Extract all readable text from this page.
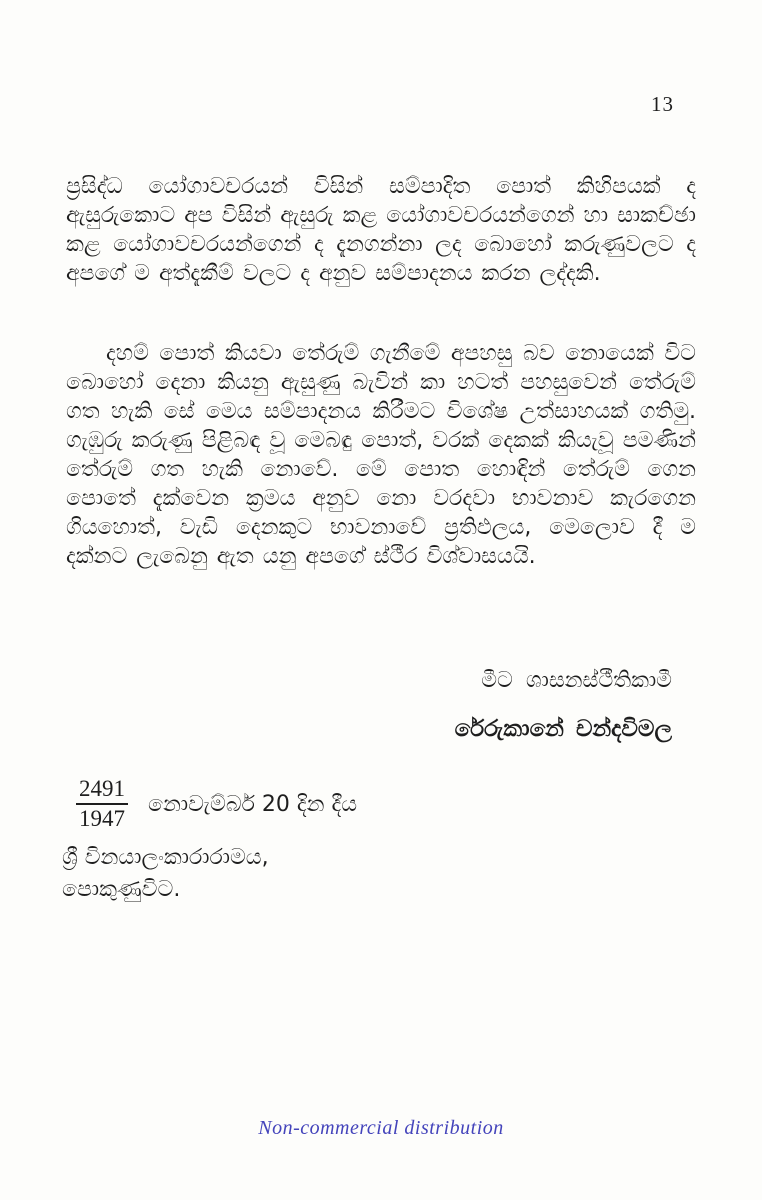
13

ප්‍රසිද්ධ යෝගාවචරයන් විසින් සම්පාදිත පොත් කිහිපයක් ද ඇසුරුකොට අප විසින් ඇසුරු කළ යෝගාවචරයන්ගෙන් හා සාකච්ඡා කළ යෝගාවචරයන්ගෙන් ද දැනගන්නා ලද බොහෝ කරුණුවලට ද අපගේ ම අත්දැකීම් වලට ද අනුව සම්පාදනය කරන ලද්දකි.

දහම් පොත් කියවා තේරුම් ගැනීමේ අපහසු බව නොයෙක් විට බොහෝ දෙනා කියනු ඇසුණු බැවින් කා හටත් පහසුවෙන් තේරුම් ගත හැකි සේ මෙය සම්පාදනය කිරීමට විශේෂ උත්සාහයක් ගතිමු. ගැඹුරු කරුණු පිළිබඳ වූ මෙබඳු පොත්, වරක් දෙකක් කියැවූ පමණින් තේරුම් ගත හැකි නොවේ. මේ පොත හොඳින් තේරුම් ගෙන පොතේ දැක්වෙන ක්‍රමය අනුව නො වරදවා භාවනාව කැරගෙන ගියහොත්, වැඩි දෙනකුට භාවනාවේ ප්‍රතිඵලය, මෙලොව දී ම දක්නට ලැබෙනු ඇත යනු අපගේ ස්ථීර විශ්වාසයයි.

මීට ශාසනස්ථීතිකාමී
රේරුකානේ චන්දවිමල
$\frac{2491}{1947}$ නොවැම්බර් 20 දින දීය
ශ්‍රී විනයාලංකාරාරාමය,
පොකුණුවිට.
Non-commercial distribution
